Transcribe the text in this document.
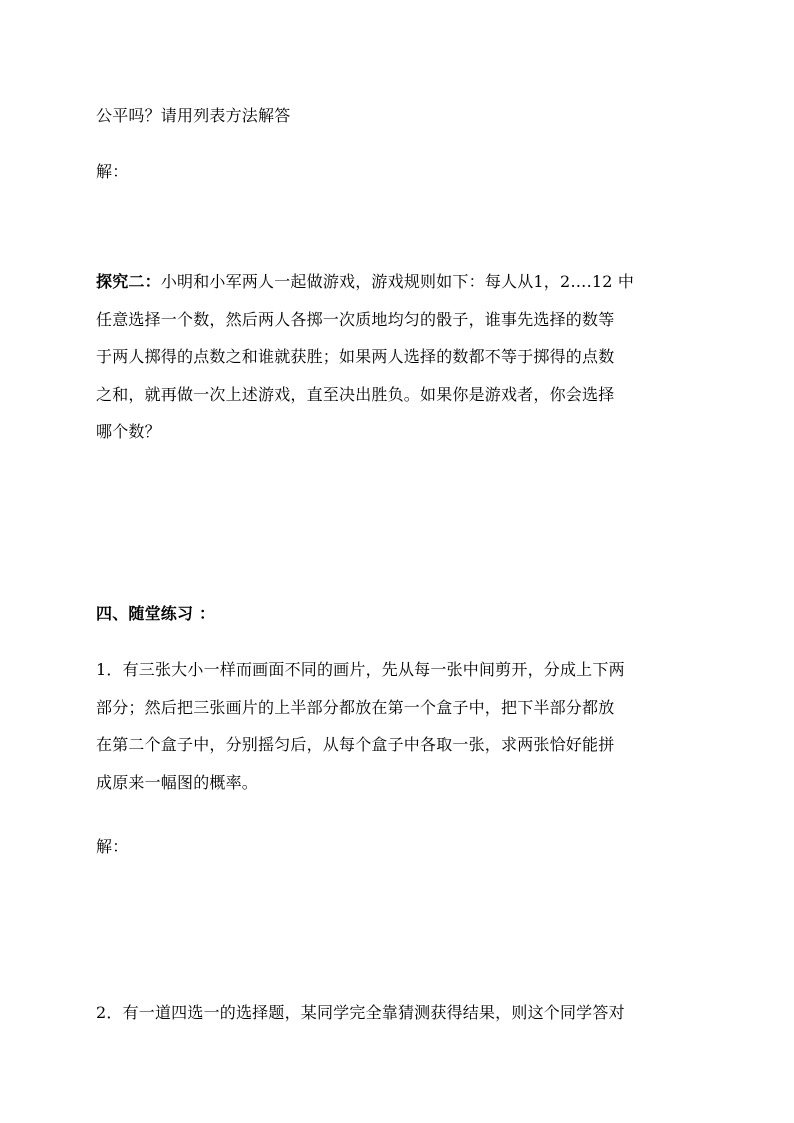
公平吗？请用列表方法解答
解：
探究二：小明和小军两人一起做游戏，游戏规则如下：每人从1，2….12 中
任意选择一个数，然后两人各掷一次质地均匀的骰子，谁事先选择的数等
于两人掷得的点数之和谁就获胜；如果两人选择的数都不等于掷得的点数
之和，就再做一次上述游戏，直至决出胜负。如果你是游戏者，你会选择
哪个数？
四、随堂练习 ：
1．有三张大小一样而画面不同的画片，先从每一张中间剪开，分成上下两
部分；然后把三张画片的上半部分都放在第一个盒子中，把下半部分都放
在第二个盒子中，分别摇匀后，从每个盒子中各取一张，求两张恰好能拼
成原来一幅图的概率。
解：
2．有一道四选一的选择题，某同学完全靠猜测获得结果，则这个同学答对
